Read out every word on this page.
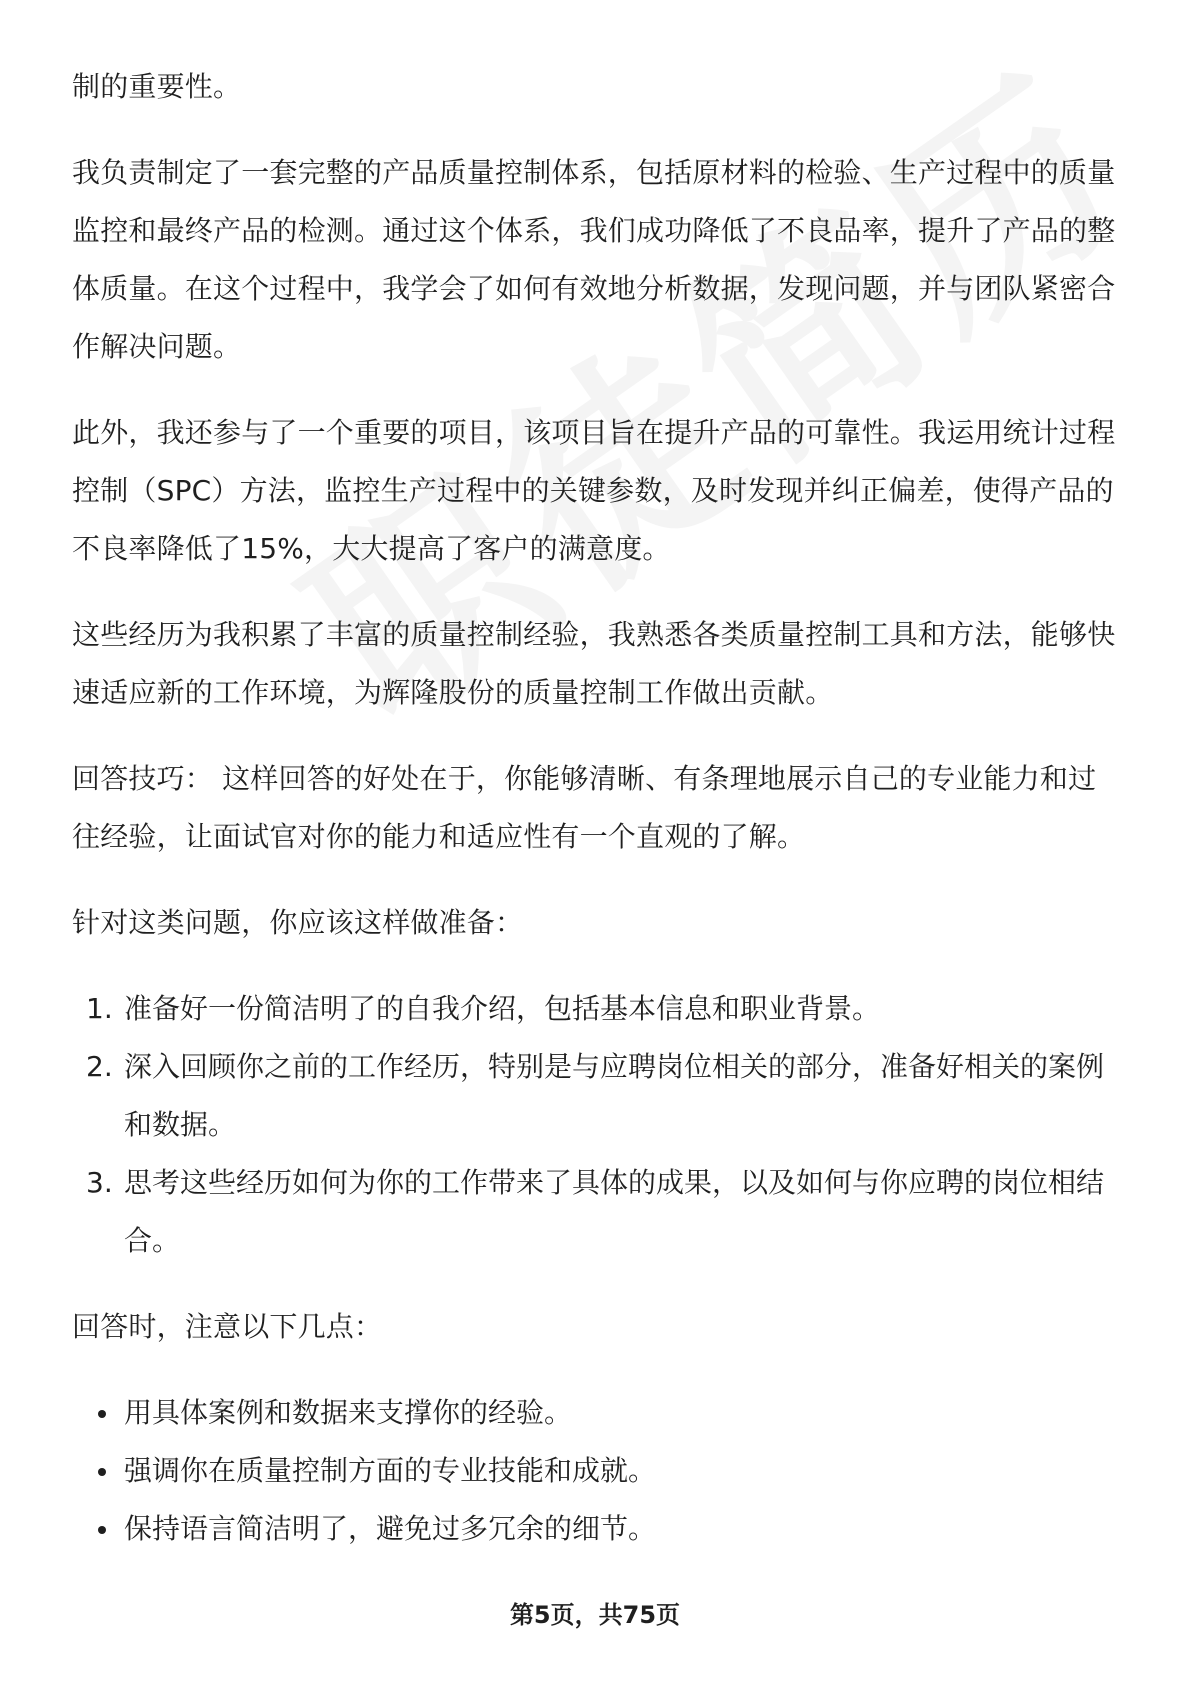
制的重要性。

我负责制定了一套完整的产品质量控制体系，包括原材料的检验、生产过程中的质量监控和最终产品的检测。通过这个体系，我们成功降低了不良品率，提升了产品的整体质量。在这个过程中，我学会了如何有效地分析数据，发现问题，并与团队紧密合作解决问题。

此外，我还参与了一个重要的项目，该项目旨在提升产品的可靠性。我运用统计过程控制（SPC）方法，监控生产过程中的关键参数，及时发现并纠正偏差，使得产品的不良率降低了15%，大大提高了客户的满意度。

这些经历为我积累了丰富的质量控制经验，我熟悉各类质量控制工具和方法，能够快速适应新的工作环境，为辉隆股份的质量控制工作做出贡献。

回答技巧： 这样回答的好处在于，你能够清晰、有条理地展示自己的专业能力和过往经验，让面试官对你的能力和适应性有一个直观的了解。

针对这类问题，你应该这样做准备：

1. 准备好一份简洁明了的自我介绍，包括基本信息和职业背景。
2. 深入回顾你之前的工作经历，特别是与应聘岗位相关的部分，准备好相关的案例和数据。
3. 思考这些经历如何为你的工作带来了具体的成果，以及如何与你应聘的岗位相结合。

回答时，注意以下几点：

用具体案例和数据来支撑你的经验。
强调你在质量控制方面的专业技能和成就。
保持语言简洁明了，避免过多冗余的细节。
第5页，共75页
